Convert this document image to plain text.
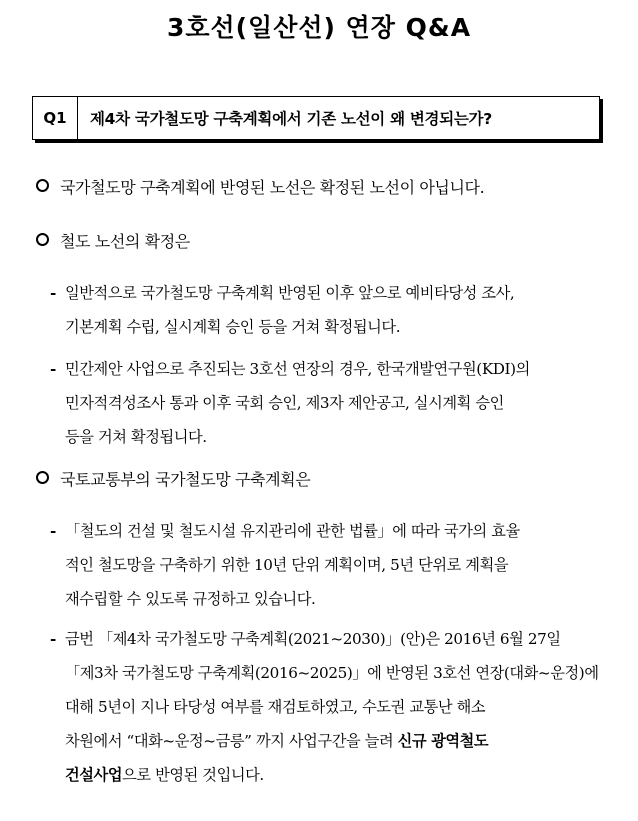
3호선(일산선) 연장 Q&A
Q1	제4차 국가철도망 구축계획에서 기존 노선이 왜 변경되는가?
국가철도망 구축계획에 반영된 노선은 확정된 노선이 아닙니다.
철도 노선의 확정은
- 일반적으로 국가철도망 구축계획 반영된 이후 앞으로 예비타당성 조사,
기본계획 수립, 실시계획 승인 등을 거쳐 확정됩니다.
- 민간제안 사업으로 추진되는 3호선 연장의 경우, 한국개발연구원(KDI)의
민자적격성조사 통과 이후 국회 승인, 제3자 제안공고, 실시계획 승인
등을 거쳐 확정됩니다.
국토교통부의 국가철도망 구축계획은
- 「철도의 건설 및 철도시설 유지관리에 관한 법률」에 따라 국가의 효율
적인 철도망을 구축하기 위한 10년 단위 계획이며, 5년 단위로 계획을
재수립할 수 있도록 규정하고 있습니다.
- 금번 「제4차 국가철도망 구축계획(2021~2030)」(안)은 2016년 6월 27일
「제3차 국가철도망 구축계획(2016~2025)」에 반영된 3호선 연장(대화~운정)에
대해 5년이 지나 타당성 여부를 재검토하였고, 수도권 교통난 해소
차원에서 “대화~운정~금릉” 까지 사업구간을 늘려 신규 광역철도
건설사업으로 반영된 것입니다.
